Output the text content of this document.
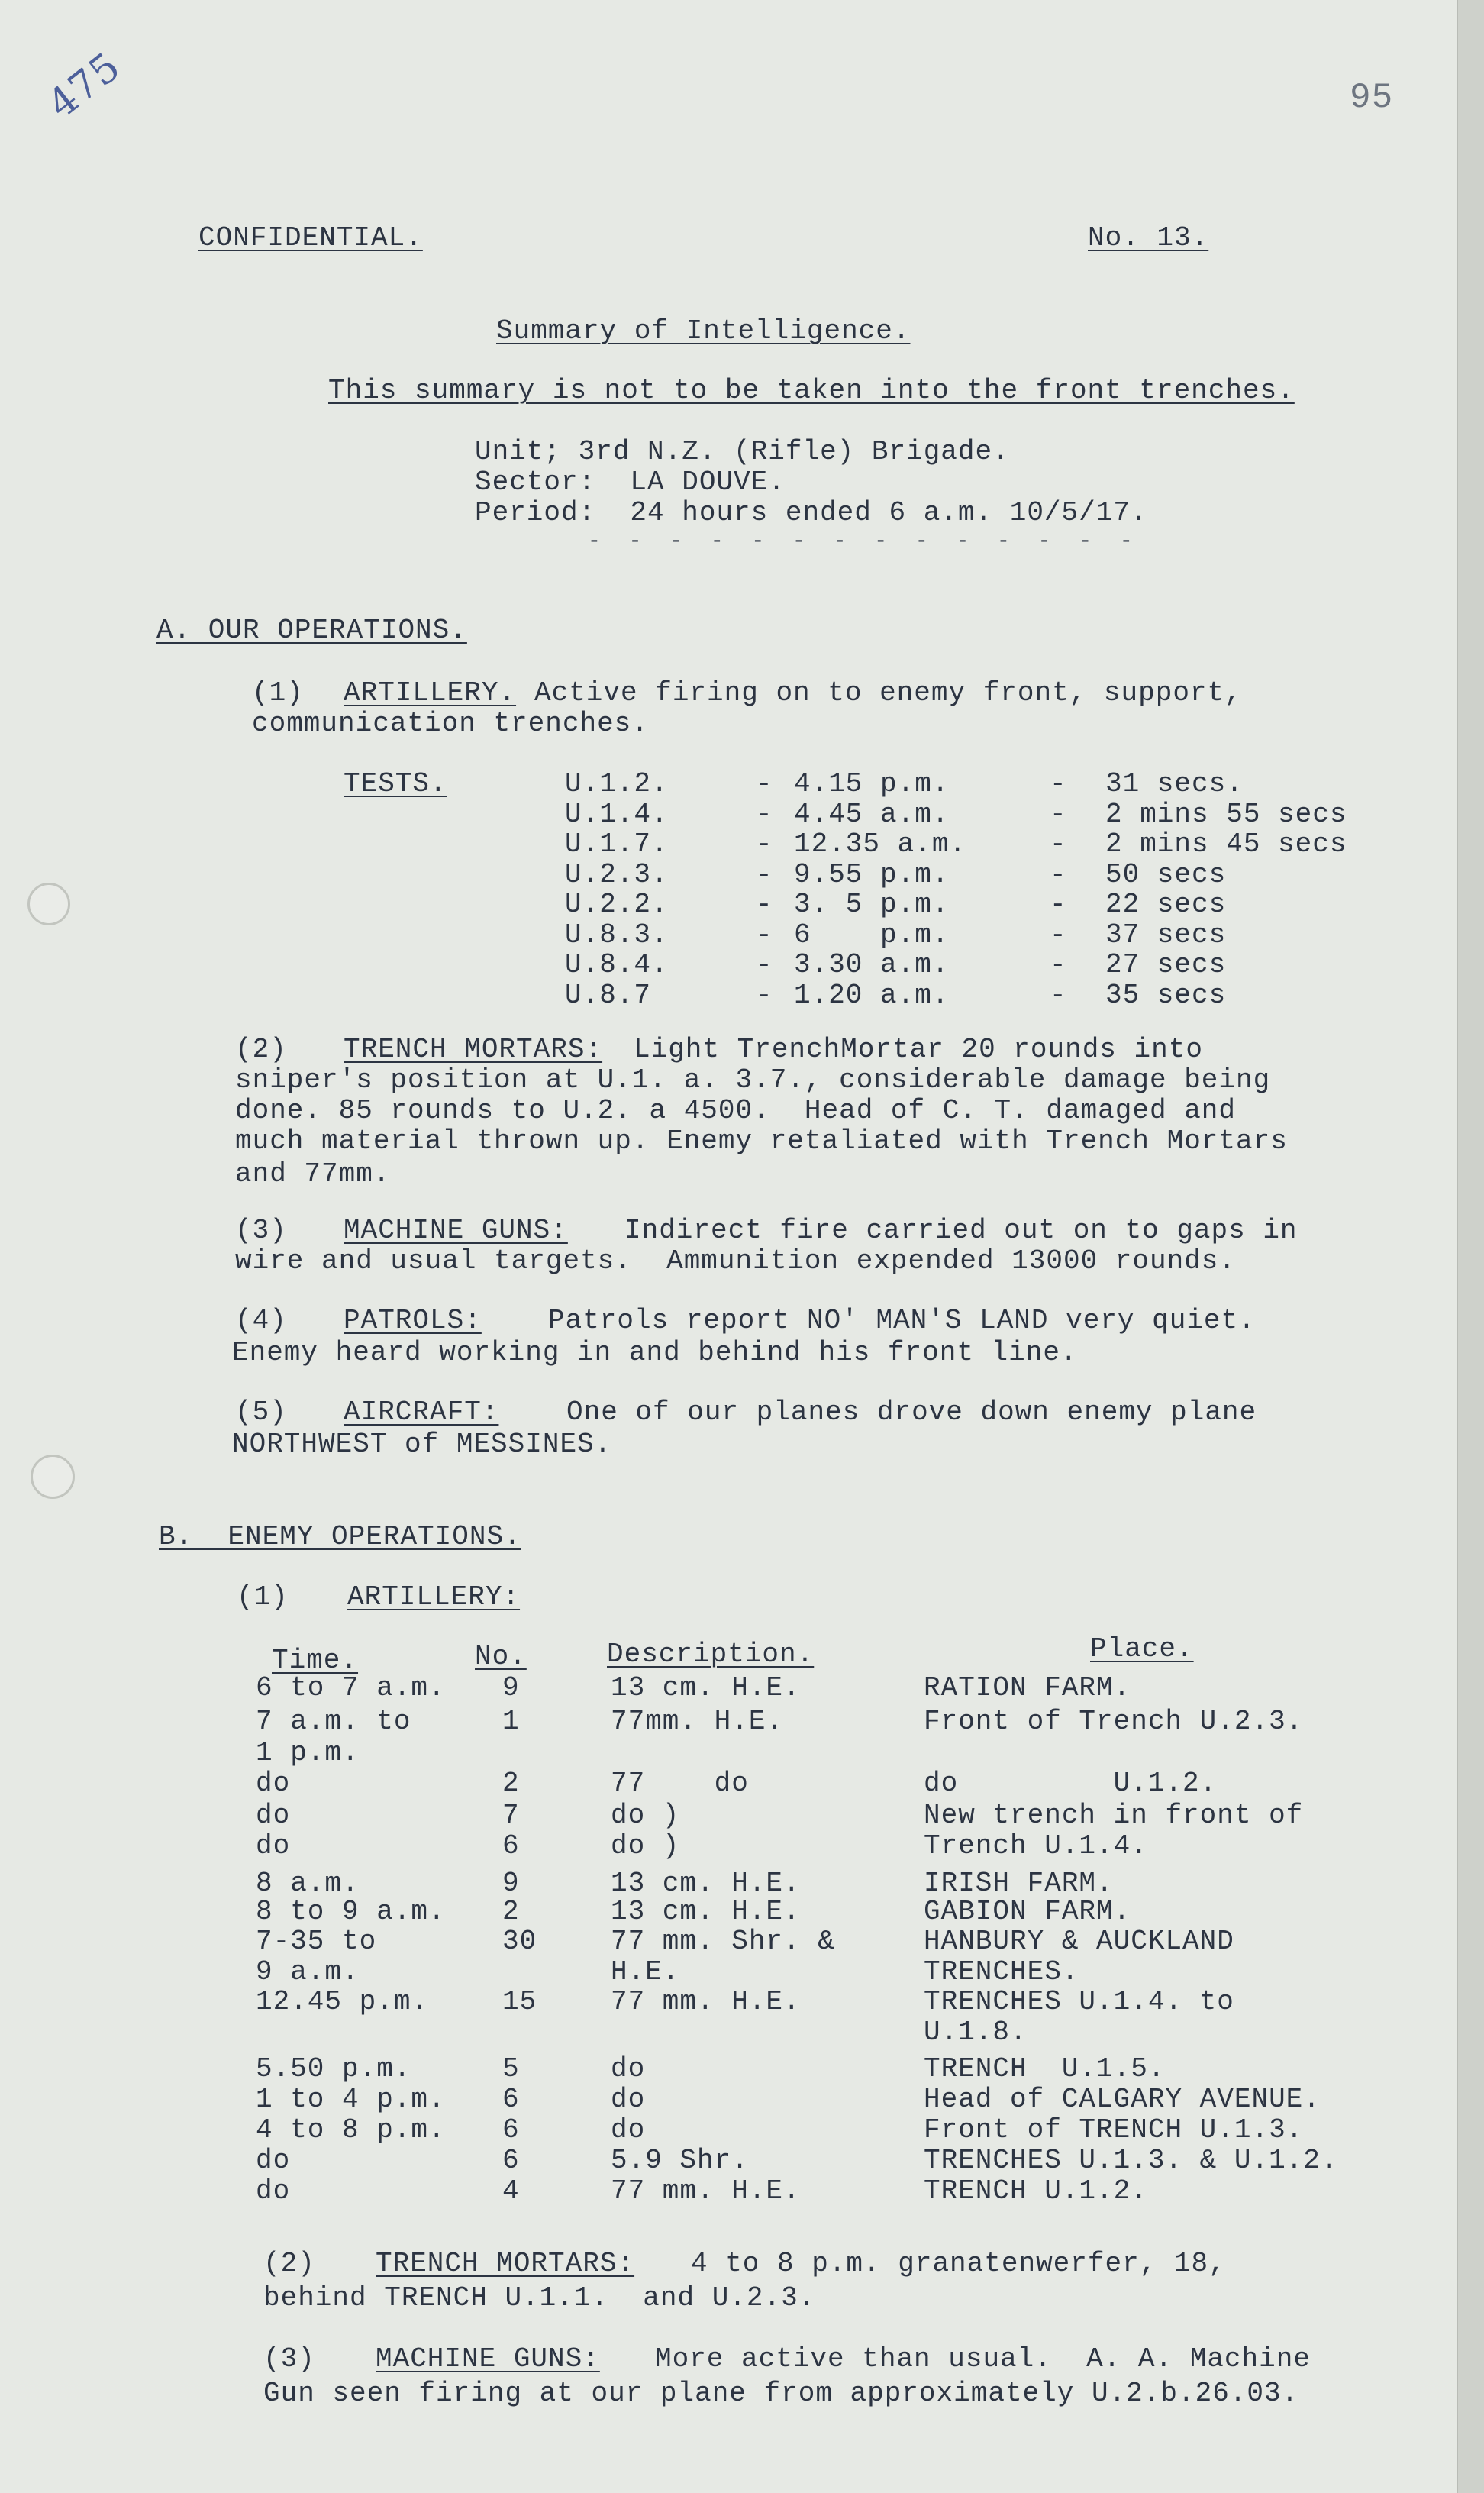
475	95
CONFIDENTIAL.	No. 13.
Summary of Intelligence.
This summary is not to be taken into the front trenches.
Unit; 3rd N.Z. (Rifle) Brigade.
Sector:  LA DOUVE.
Period:  24 hours ended 6 a.m. 10/5/17.
- - - - - - - - - - - - - -
A. OUR OPERATIONS.
(1) ARTILLERY. Active firing on to enemy front, support,
communication trenches.
TESTS.	U.1.2.	- 4.15 p.m.	- 31 secs.
U.1.4.	- 4.45 a.m.	- 2 mins 55 secs
U.1.7.	- 12.35 a.m.	- 2 mins 45 secs
U.2.3.	- 9.55 p.m.	- 50 secs
U.2.2.	- 3. 5 p.m.	- 22 secs
U.8.3.	- 6    p.m.	- 37 secs
U.8.4.	- 3.30 a.m.	- 27 secs
U.8.7	- 1.20 a.m.	- 35 secs
(2) TRENCH MORTARS: Light TrenchMortar 20 rounds into
sniper's position at U.1. a. 3.7., considerable damage being
done. 85 rounds to U.2. a 4500.  Head of C. T. damaged and
much material thrown up. Enemy retaliated with Trench Mortars
and 77mm.
(3) MACHINE GUNS: Indirect fire carried out on to gaps in
wire and usual targets.  Ammunition expended 13000 rounds.
(4) PATROLS: Patrols report NO' MAN'S LAND very quiet.
Enemy heard working in and behind his front line.
(5) AIRCRAFT: One of our planes drove down enemy plane
NORTHWEST of MESSINES.
B.  ENEMY OPERATIONS.
(1) ARTILLERY:
Time.	No.	Description.	Place.
6 to 7 a.m. 9	13 cm. H.E.	RATION FARM.
7 a.m. to	1	77mm. H.E.	Front of Trench U.2.3.
1 p.m.
do	2	77    do	do         U.1.2.
do	7	do )	New trench in front of
do	6	do )	Trench U.1.4.
8 a.m.	9	13 cm. H.E.	IRISH FARM.
8 to 9 a.m. 2	13 cm. H.E.	GABION FARM.
7-35 to	30	77 mm. Shr. &	HANBURY & AUCKLAND
9 a.m.	H.E.	TRENCHES.
12.45 p.m.	15	77 mm. H.E.	TRENCHES U.1.4. to
U.1.8.
5.50 p.m.	5	do	TRENCH  U.1.5.
1 to 4 p.m. 6	do	Head of CALGARY AVENUE.
4 to 8 p.m. 6	do	Front of TRENCH U.1.3.
do	6	5.9 Shr.	TRENCHES U.1.3. & U.1.2.
do	4	77 mm. H.E.	TRENCH U.1.2.
(2) TRENCH MORTARS: 4 to 8 p.m. granatenwerfer, 18,
behind TRENCH U.1.1.  and U.2.3.
(3) MACHINE GUNS: More active than usual.  A. A. Machine
Gun seen firing at our plane from approximately U.2.b.26.03.
